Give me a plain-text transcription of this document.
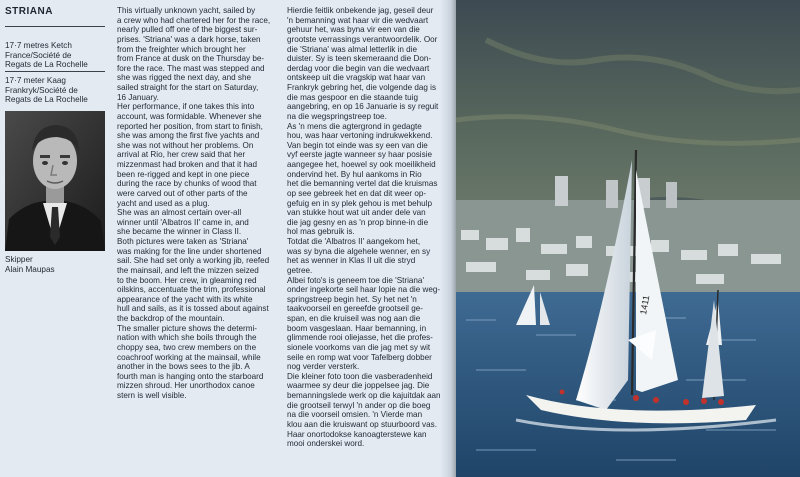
STRIANA
17·7 metres Ketch
France/Société de
Regats de La Rochelle
17·7 meter Kaag
Frankryk/Société de
Regats de La Rochelle
Skipper
Alain Maupas

This virtually unknown yacht, sailed by

a crew who had chartered her for the race,

nearly pulled off one of the biggest sur-

prises. 'Striana' was a dark horse, taken

from the freighter which brought her

from France at dusk on the Thursday be-

fore the race. The mast was stepped and

she was rigged the next day, and she

sailed straight for the start on Saturday,

16 January.

Her performance, if one takes this into

account, was formidable. Whenever she

reported her position, from start to finish,

she was among the first five yachts and

she was not without her problems. On

arrival at Rio, her crew said that her

mizzenmast had broken and that it had

been re-rigged and kept in one piece

during the race by chunks of wood that

were carved out of other parts of the

yacht and used as a plug.

She was an almost certain over-all

winner until 'Albatros II' came in, and

she became the winner in Class II.

Both pictures were taken as 'Striana'

was making for the line under shortened

sail. She had set only a working jib, reefed

the mainsail, and left the mizzen seized

to the boom. Her crew, in gleaming red

oilskins, accentuate the trim, professional

appearance of the yacht with its white

hull and sails, as it is tossed about against

the backdrop of the mountain.

The smaller picture shows the determi-

nation with which she boils through the

choppy sea, two crew members on the

coachroof working at the mainsail, while

another in the bows sees to the jib. A

fourth man is hanging onto the starboard

mizzen shroud. Her unorthodox canoe

stern is well visible.

Hierdie feitlik onbekende jag, geseil deur

'n bemanning wat haar vir die wedvaart

gehuur het, was byna vir een van die

grootste verrassings verantwoordelik. Oor

die 'Striana' was almal letterlik in die

duister. Sy is teen skemeraand die Don-

derdag voor die begin van die wedvaart

ontskeep uit die vragskip wat haar van

Frankryk gebring het, die volgende dag is

die mas gespoor en die staande tuig

aangebring, en op 16 Januarie is sy reguit

na die wegspringstreep toe.

As 'n mens die agtergrond in gedagte

hou, was haar vertoning indrukwekkend.

Van begin tot einde was sy een van die

vyf eerste jagte wanneer sy haar posisie

aangegee het, hoewel sy ook moeilikheid

ondervind het. By hul aankoms in Rio

het die bemanning vertel dat die kruismas

op see gebreek het en dat dit weer op-

gefuig en in sy plek gehou is met behulp

van stukke hout wat uit ander dele van

die jag gesny en as 'n prop binne-in die

hol mas gebruik is.

Totdat die 'Albatros II' aangekom het,

was sy byna die algehele wenner, en sy

het as wenner in Klas II uit die stryd

getree.

Albei foto's is geneem toe die 'Striana'

onder ingekorte seil haar lopie na die weg-

springstreep begin het. Sy het net 'n

taakvoorseil en gereefde grootseil ge-

span, en die kruiseil was nog aan die

boom vasgeslaan. Haar bemanning, in

glimmende rooi oliejasse, het die profes-

sionele voorkoms van die jag met sy wit

seile en romp wat voor Tafelberg dobber

nog verder versterk.

Die kleiner foto toon die vasberadenheid

waarmee sy deur die joppelsee jag. Die

bemanningslede werk op die kajuitdak aan

die grootseil terwyl 'n ander op die boeg

na die voorseil omsien. 'n Vierde man

klou aan die kruiswant op stuurboord vas.

Haar onortodokse kanoagterstewe kan

mooi onderskei word.

1411
